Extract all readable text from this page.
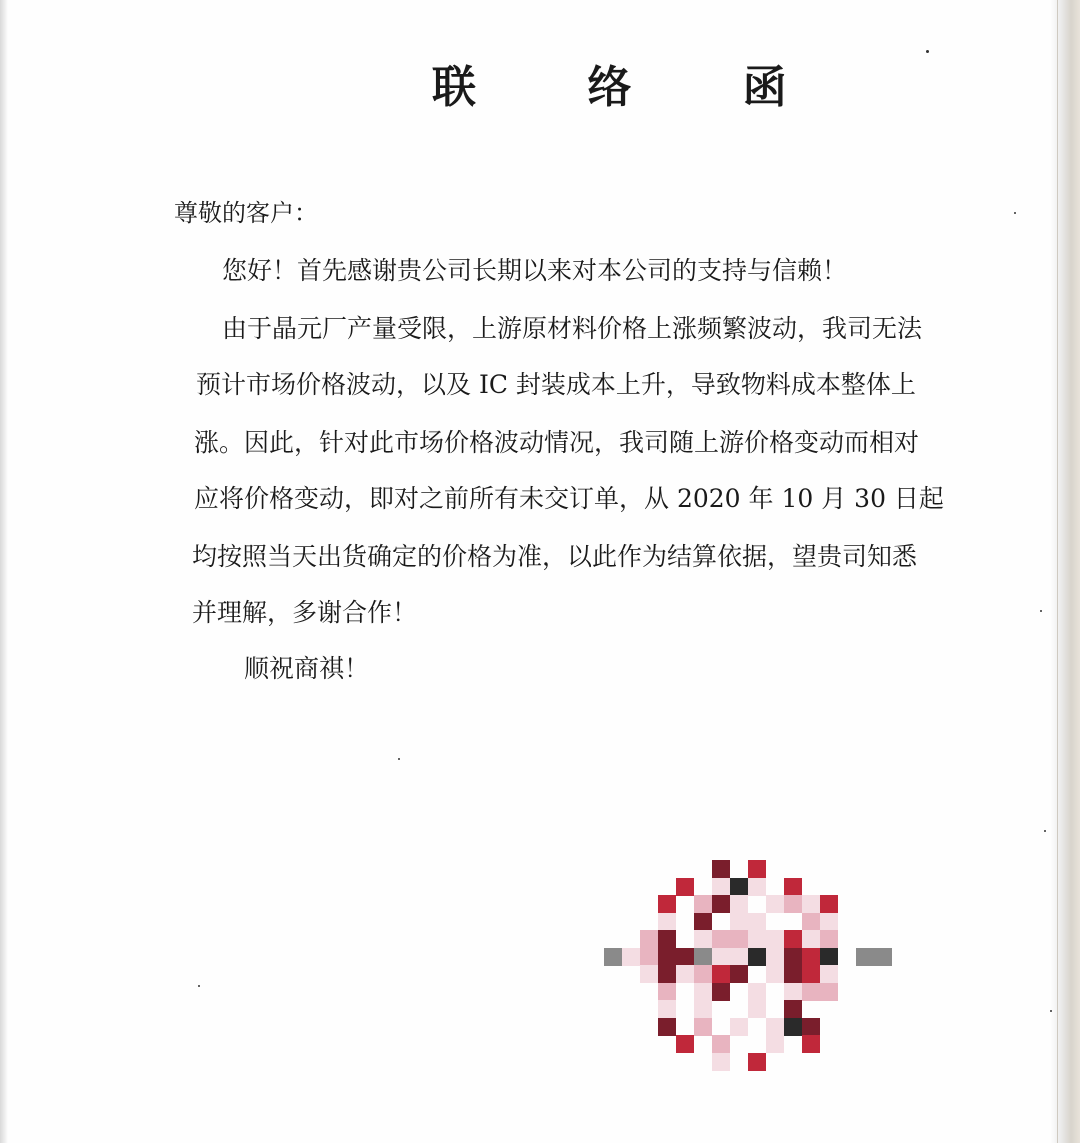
联 络 函
尊敬的客户：
您好！首先感谢贵公司长期以来对本公司的支持与信赖！
由于晶元厂产量受限，上游原材料价格上涨频繁波动，我司无法
预计市场价格波动，以及 IC 封装成本上升，导致物料成本整体上
涨。因此，针对此市场价格波动情况，我司随上游价格变动而相对
应将价格变动，即对之前所有未交订单，从 2020 年 10 月 30 日起
均按照当天出货确定的价格为准，以此作为结算依据，望贵司知悉
并理解，多谢合作！
顺祝商祺！
